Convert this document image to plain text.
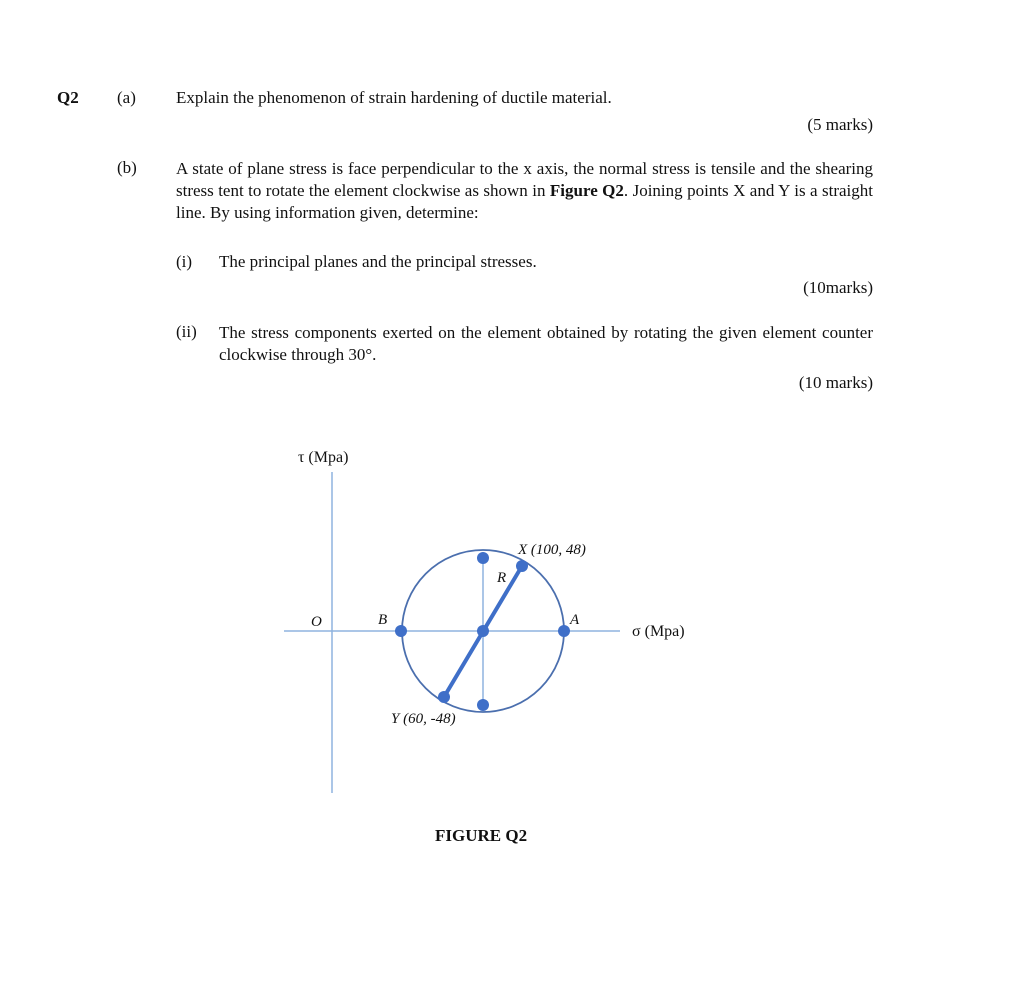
Q2 (a) Explain the phenomenon of strain hardening of ductile material.
(5 marks)
(b) A state of plane stress is face perpendicular to the x axis, the normal stress is tensile and the shearing stress tent to rotate the element clockwise as shown in Figure Q2. Joining points X and Y is a straight line. By using information given, determine:
(i) The principal planes and the principal stresses.
(10marks)
(ii) The stress components exerted on the element obtained by rotating the given element counter clockwise through 30°.
(10 marks)
τ (Mpa)
σ (Mpa)
O	B	A
R
X (100, 48)
Y (60, -48)
FIGURE Q2
